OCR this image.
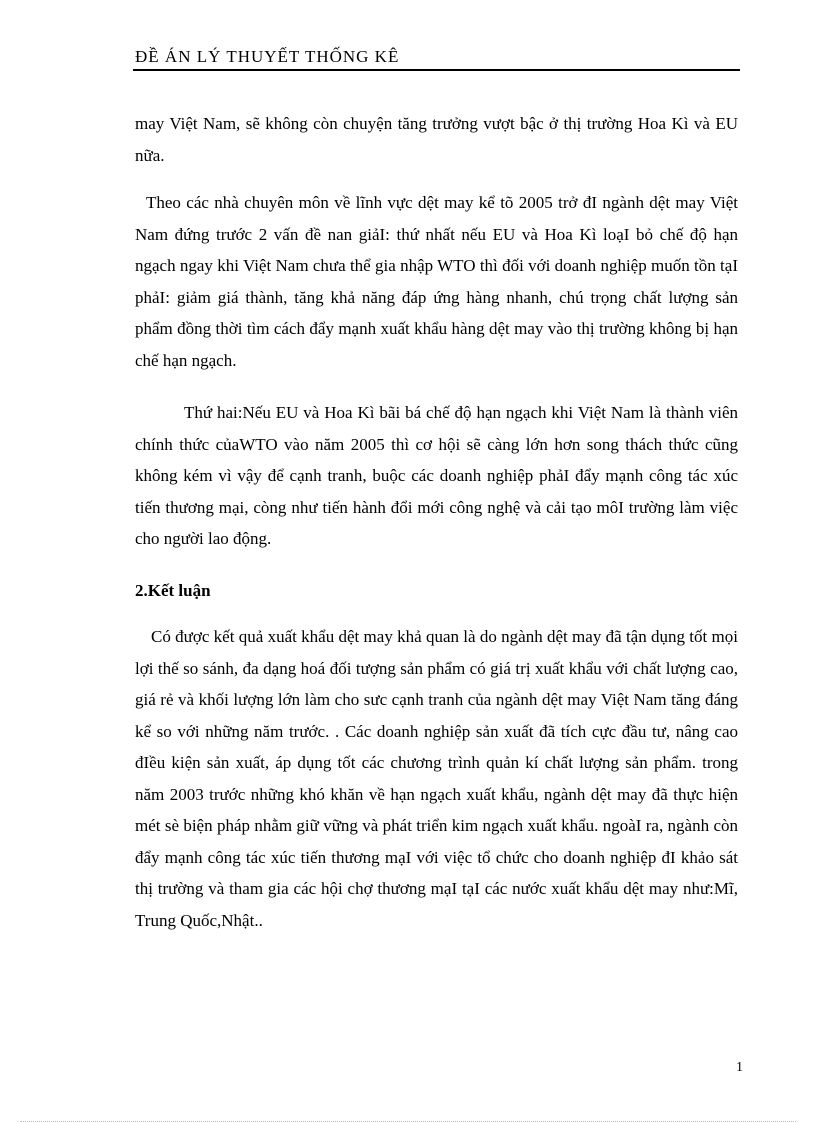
ĐỀ ÁN LÝ THUYẾT THỐNG KÊ

may Việt Nam, sẽ không còn chuyện tăng trưởng vượt bậc ở thị trường Hoa Kì và EU nữa.

Theo các nhà chuyên môn về lĩnh vực dệt may kể tõ 2005 trở đI ngành dệt may Việt Nam đứng trước 2 vấn đề nan giảI: thứ nhất nếu EU và Hoa Kì loạI bỏ chế độ hạn ngạch ngay khi Việt Nam chưa thể gia nhập WTO thì đối với doanh nghiệp muốn tồn tạI phảI: giảm giá thành, tăng khả năng đáp ứng hàng nhanh, chú trọng chất lượng sản phẩm đồng thời tìm cách đẩy mạnh xuất khẩu hàng dệt may vào thị trường không bị hạn chế hạn ngạch.

Thứ hai:Nếu EU và Hoa Kì bãi bá chế độ hạn ngạch khi Việt Nam là thành viên chính thức củaWTO vào năm 2005 thì cơ hội sẽ càng lớn hơn song thách thức cũng không kém vì vậy để cạnh tranh, buộc các doanh nghiệp phảI đẩy mạnh công tác xúc tiến thương mại, còng như tiến hành đổi mới công nghệ và cải tạo môI trường làm việc cho người lao động.

2.Kết luận

Có được kết quả xuất khẩu dệt may khả quan là do ngành dệt may đã tận dụng tốt mọi lợi thế so sánh, đa dạng hoá đối tượng sản phẩm có giá trị xuất khẩu với chất lượng cao, giá rẻ và khối lượng lớn làm cho sưc cạnh tranh của ngành dệt may Việt Nam tăng đáng kể so với những năm trước. . Các doanh nghiệp sản xuất đã tích cực đầu tư, nâng cao đIều kiện sản xuất, áp dụng tốt các chương trình quản kí chất lượng sản phẩm. trong năm 2003 trước những khó khăn về hạn ngạch xuất khẩu, ngành dệt may đã thực hiện mét sè biện pháp nhằm giữ vững và phát triển kim ngạch xuất khẩu. ngoàI ra, ngành còn đẩy mạnh công tác xúc tiến thương mạI với việc tổ chức cho doanh nghiệp đI khảo sát thị trường và tham gia các hội chợ thương mạI tạI các nước xuất khẩu dệt may như:Mĩ, Trung Quốc,Nhật..

1
